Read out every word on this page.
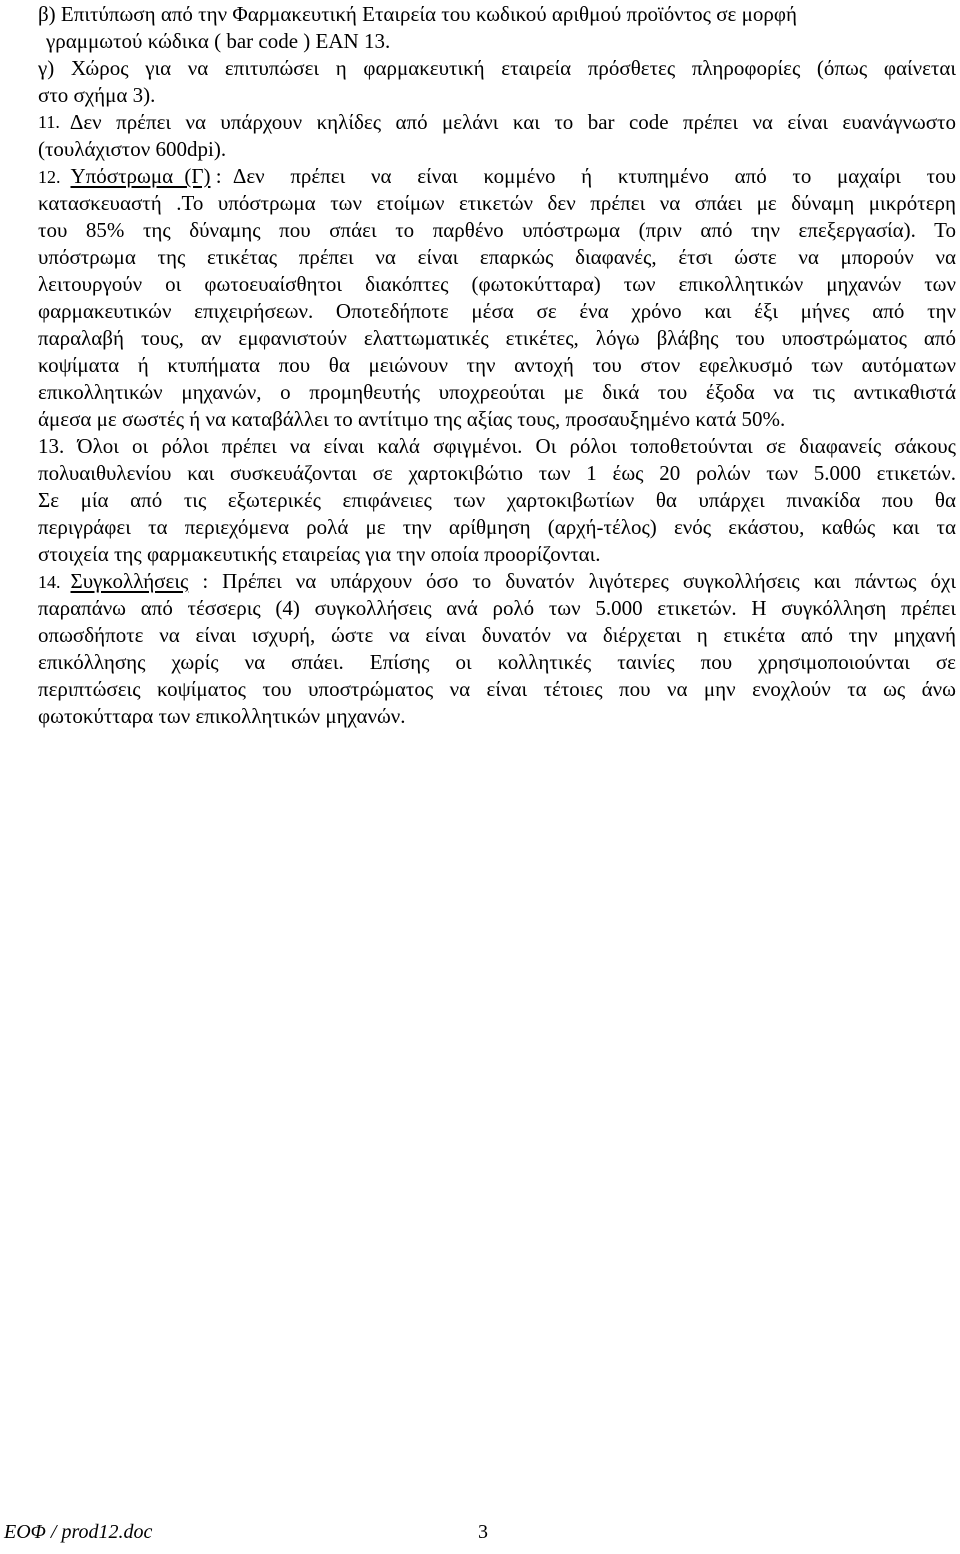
β) Επιτύπωση από την Φαρμακευτική Εταιρεία του κωδικού αριθμού προϊόντος σε μορφή
γραμμωτού κώδικα ( bar code ) EAN 13.
γ) Χώρος για να επιτυπώσει η φαρμακευτική εταιρεία πρόσθετες πληροφορίες (όπως φαίνεται
στο σχήμα 3).
11. Δεν πρέπει να υπάρχουν κηλίδες από μελάνι και το bar code πρέπει να είναι ευανάγνωστο
(τουλάχιστον 600dpi).
12. Υπόστρωμα (Γ) : Δεν πρέπει να είναι κομμένο ή κτυπημένο από το μαχαίρι του
κατασκευαστή .Το υπόστρωμα των ετοίμων ετικετών δεν πρέπει να σπάει με δύναμη μικρότερη
του 85% της δύναμης που σπάει το παρθένο υπόστρωμα (πριν από την επεξεργασία). Το
υπόστρωμα της ετικέτας πρέπει να είναι επαρκώς διαφανές, έτσι ώστε να μπορούν να
λειτουργούν οι φωτοευαίσθητοι διακόπτες (φωτοκύτταρα) των επικολλητικών μηχανών των
φαρμακευτικών επιχειρήσεων. Οποτεδήποτε μέσα σε ένα χρόνο και έξι μήνες από την
παραλαβή τους, αν εμφανιστούν ελαττωματικές ετικέτες, λόγω βλάβης του υποστρώματος από
κοψίματα ή κτυπήματα που θα μειώνουν την αντοχή του στον εφελκυσμό των αυτόματων
επικολλητικών μηχανών, ο προμηθευτής υποχρεούται με δικά του έξοδα να τις αντικαθιστά
άμεσα με σωστές ή να καταβάλλει το αντίτιμο της αξίας τους, προσαυξημένο κατά 50%.
13. Όλοι οι ρόλοι πρέπει να είναι καλά σφιγμένοι. Οι ρόλοι τοποθετούνται σε διαφανείς σάκους
πολυαιθυλενίου και συσκευάζονται σε χαρτοκιβώτιο των 1 έως 20 ρολών των 5.000 ετικετών.
Σε μία από τις εξωτερικές επιφάνειες των χαρτοκιβωτίων θα υπάρχει πινακίδα που θα
περιγράφει τα περιεχόμενα ρολά με την αρίθμηση (αρχή-τέλος) ενός εκάστου, καθώς και τα
στοιχεία της φαρμακευτικής εταιρείας για την οποία προορίζονται.
14. Συγκολλήσεις : Πρέπει να υπάρχουν όσο το δυνατόν λιγότερες συγκολλήσεις και πάντως όχι
παραπάνω από τέσσερις (4) συγκολλήσεις ανά ρολό των 5.000 ετικετών. Η συγκόλληση πρέπει
οπωσδήποτε να είναι ισχυρή, ώστε να είναι δυνατόν να διέρχεται η ετικέτα από την μηχανή
επικόλλησης χωρίς να σπάει. Επίσης οι κολλητικές ταινίες που χρησιμοποιούνται σε
περιπτώσεις κοψίματος του υποστρώματος να είναι τέτοιες που να μην ενοχλούν τα ως άνω
φωτοκύτταρα των επικολλητικών μηχανών.
ΕΟΦ / prod12.doc	3
